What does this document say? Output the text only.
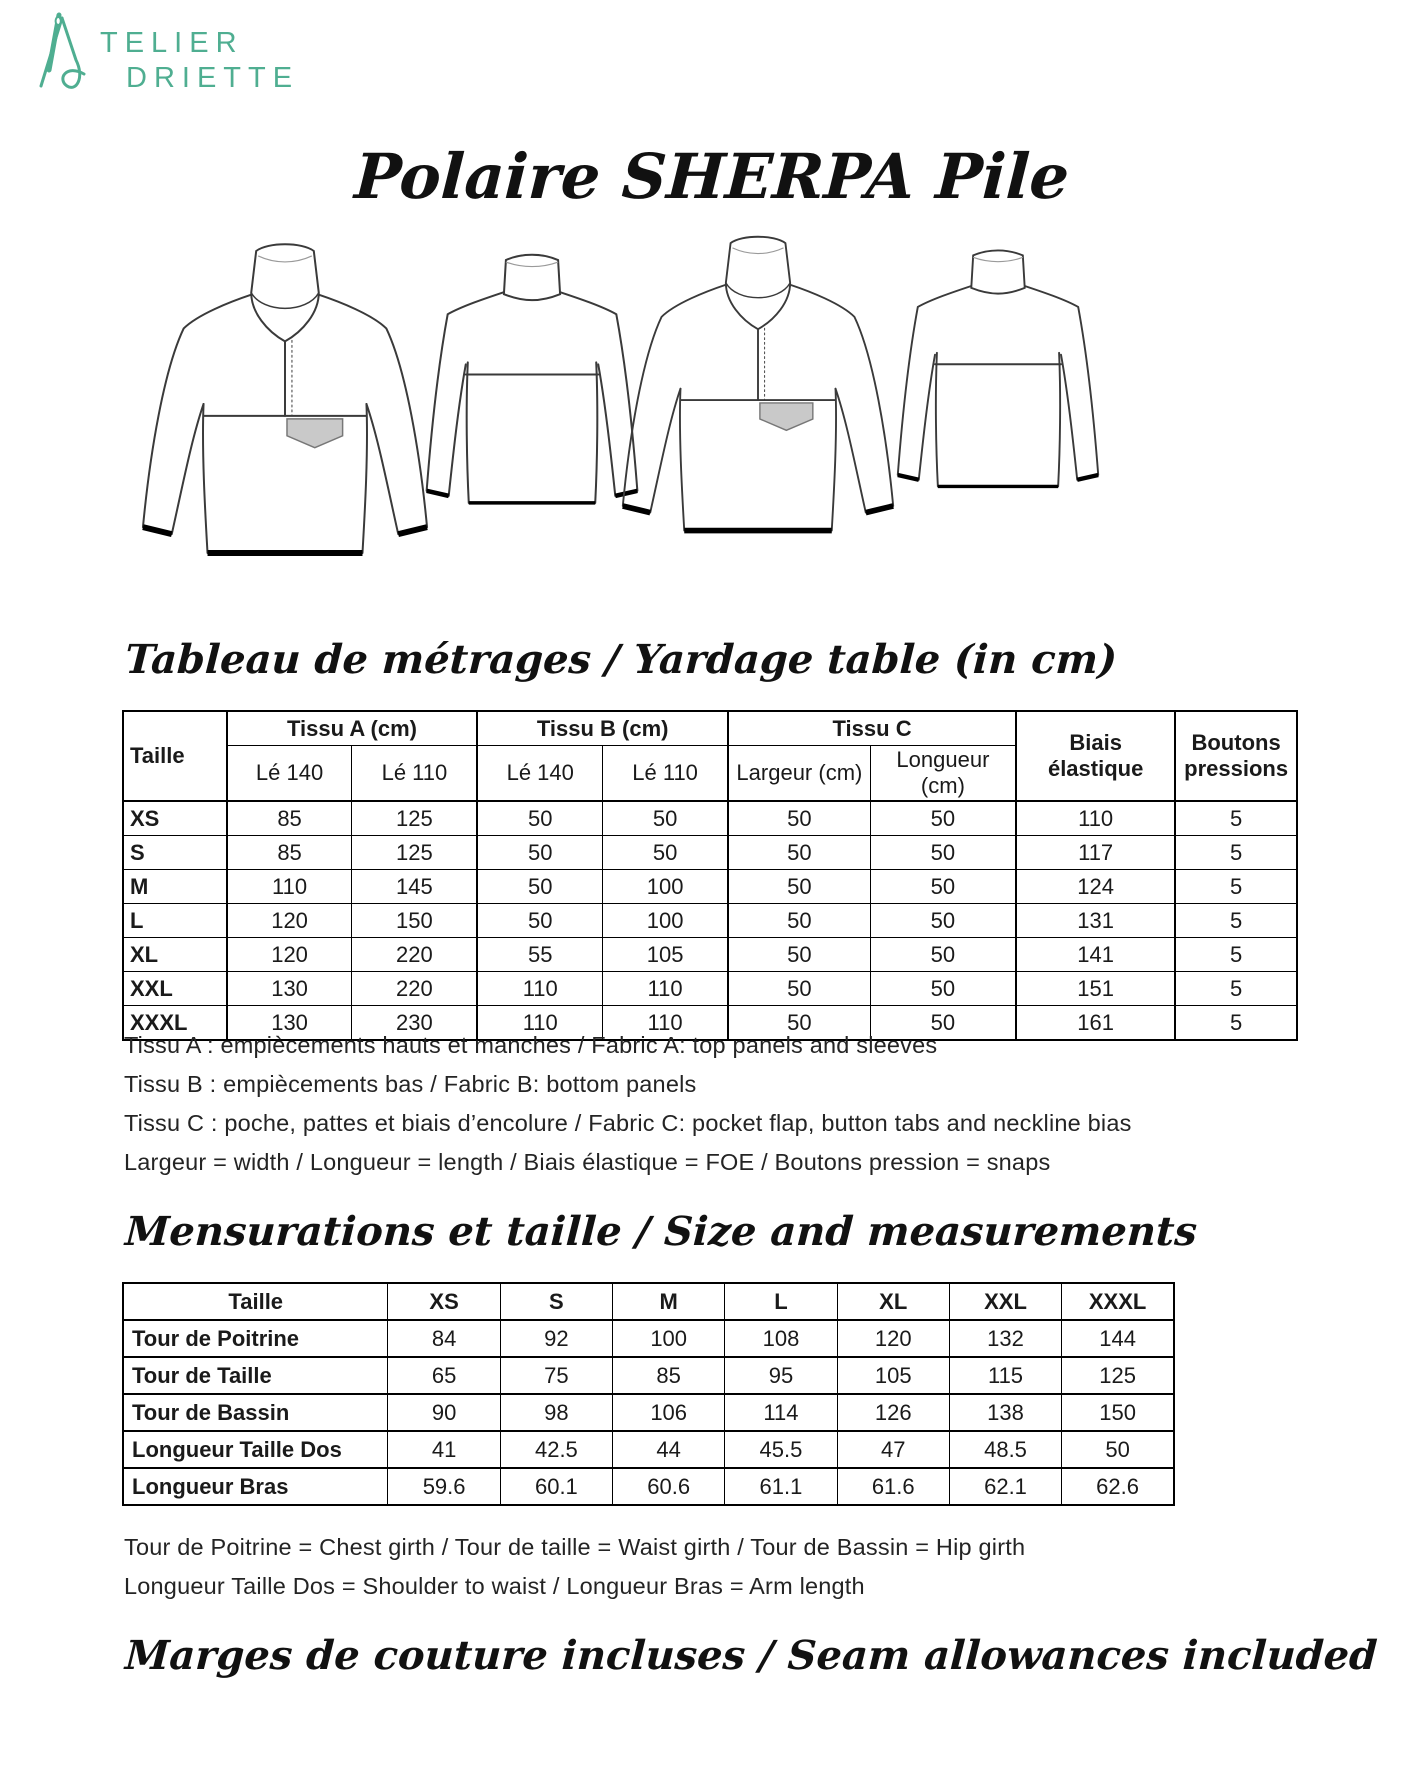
TELIER
DRIETTE
Polaire SHERPA Pile
Tableau de métrages / Yardage table (in cm)
Taille	Tissu A (cm)		Tissu B (cm)		Tissu C		Biais élastique	Boutons pressions
	Lé 140	Lé 110	Lé 140	Lé 110	Largeur (cm)	Longueur (cm)		
XS	85	125	50	50	50	50	110	5
S	85	125	50	50	50	50	117	5
M	110	145	50	100	50	50	124	5
L	120	150	50	100	50	50	131	5
XL	120	220	55	105	50	50	141	5
XXL	130	220	110	110	50	50	151	5
XXXL	130	230	110	110	50	50	161	5
Tissu A : empiècements hauts et manches / Fabric A: top panels and sleeves
Tissu B : empiècements bas / Fabric B: bottom panels
Tissu C : poche, pattes et biais d’encolure / Fabric C: pocket flap, button tabs and neckline bias
Largeur = width / Longueur = length / Biais élastique = FOE / Boutons pression = snaps
Mensurations et taille / Size and measurements
Taille	XS	S	M	L	XL	XXL	XXXL
Tour de Poitrine	84	92	100	108	120	132	144
Tour de Taille	65	75	85	95	105	115	125
Tour de Bassin	90	98	106	114	126	138	150
Longueur Taille Dos	41	42.5	44	45.5	47	48.5	50
Longueur Bras	59.6	60.1	60.6	61.1	61.6	62.1	62.6
Tour de Poitrine = Chest girth / Tour de taille = Waist girth / Tour de Bassin = Hip girth
Longueur Taille Dos = Shoulder to waist / Longueur Bras = Arm length
Marges de couture incluses / Seam allowances included
